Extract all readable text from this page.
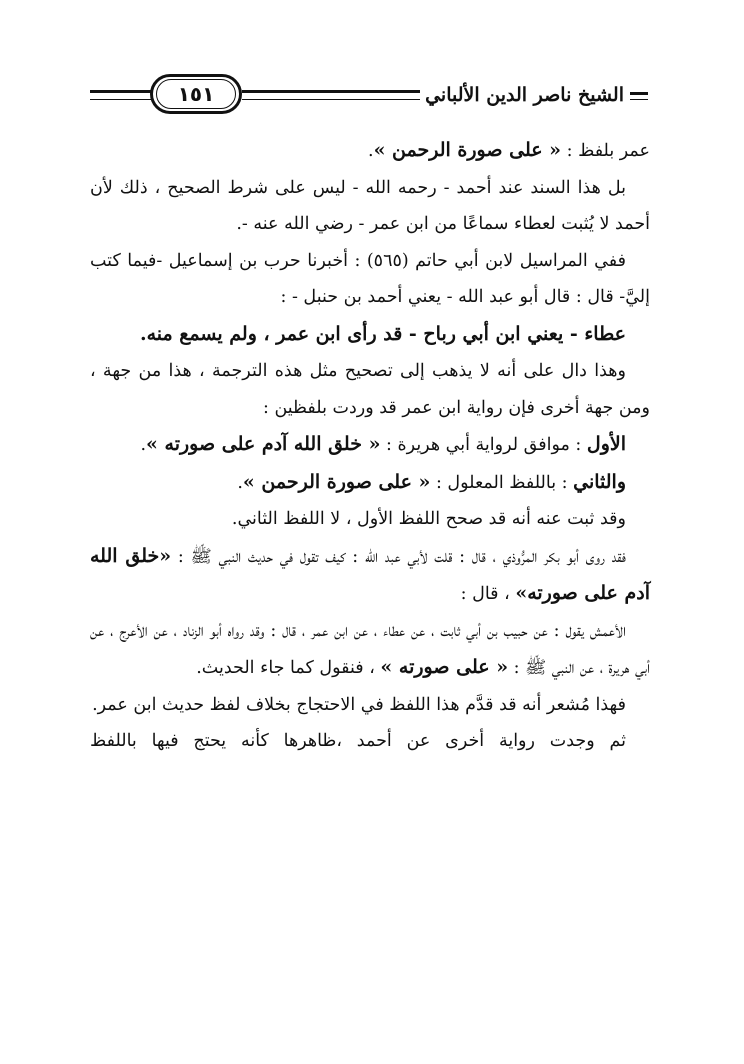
١٥١	الشيخ ناصر الدين الألباني

عمر بلفظ : « على صورة الرحمن ».

بل هذا السند عند أحمد - رحمه الله - ليس على شرط الصحيح ، ذلك لأن أحمد لا يُثبت لعطاء سماعًا من ابن عمر - رضي الله عنه -.

ففي المراسيل لابن أبي حاتم (٥٦٥) : أخبرنا حرب بن إسماعيل -فيما كتب إليَّ- قال : قال أبو عبد الله - يعني أحمد بن حنبل - :

عطاء - يعني ابن أبي رباح - قد رأى ابن عمر ، ولم يسمع منه.

وهذا دال على أنه لا يذهب إلى تصحيح مثل هذه الترجمة ، هذا من جهة ، ومن جهة أخرى فإن رواية ابن عمر قد وردت بلفظين :

الأول : موافق لرواية أبي هريرة : « خلق الله آدم على صورته ».

والثاني : باللفظ المعلول : « على صورة الرحمن ».

وقد ثبت عنه أنه قد صحح اللفظ الأول ، لا اللفظ الثاني.

فقد روى أبو بكر المرُّوذي ، قال : قلت لأبي عبد الله : كيف تقول في حديث النبي ﷺ : «خلق الله آدم على صورته» ، قال :

الأعمش يقول : عن حبيب بن أبي ثابت ، عن عطاء ، عن ابن عمر ، قال : وقد رواه أبو الزناد ، عن الأعرج ، عن أبي هريرة ، عن النبي ﷺ : « على صورته » ، فنقول كما جاء الحديث.

فهذا مُشعر أنه قد قدَّم هذا اللفظ في الاحتجاج بخلاف لفظ حديث ابن عمر.

ثم وجدت رواية أخرى عن أحمد ،ظاهرها كأنه يحتج فيها باللفظ
